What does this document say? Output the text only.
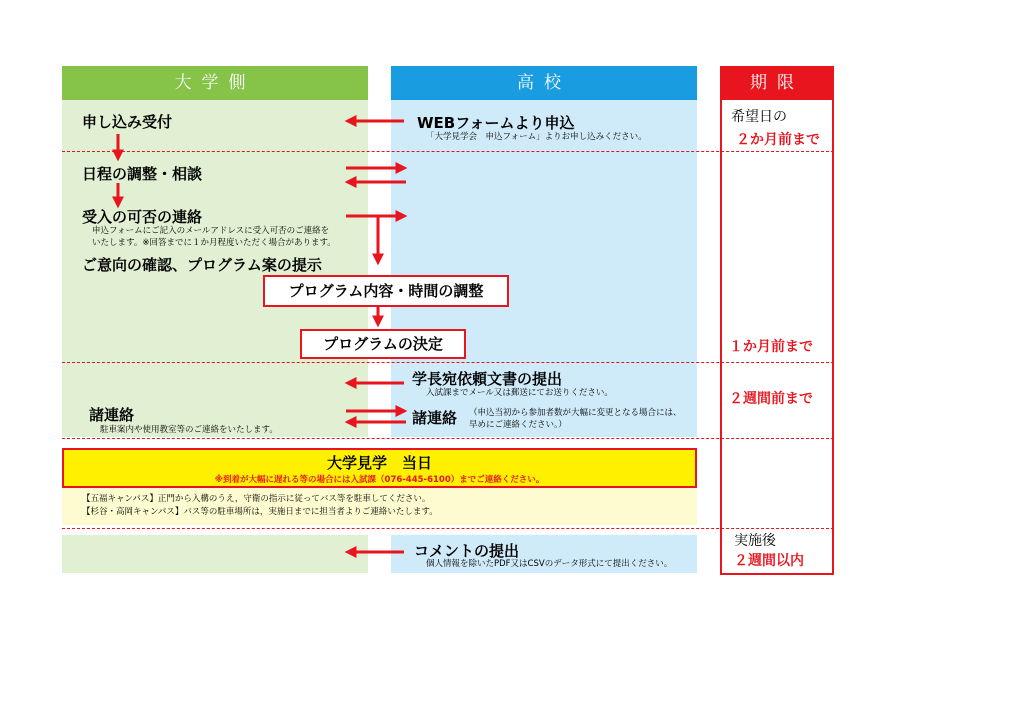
大学側	高校	期限
申し込み受付
日程の調整・相談
受入の可否の連絡
申込フォームにご記入のメールアドレスに受入可否のご連絡を
いたします。※回答までに１か月程度いただく場合があります。
ご意向の確認、プログラム案の提示
諸連絡
駐車案内や使用教室等のご連絡をいたします。
プログラム内容・時間の調整
プログラムの決定
WEBフォームより申込
「大学見学会　申込フォーム」よりお申し込みください。
学長宛依頼文書の提出
入試課までメール又は郵送にてお送りください。
諸連絡 （申込当初から参加者数が大幅に変更となる場合には、
早めにご連絡ください。）
大学見学　当日
※到着が大幅に遅れる等の場合には入試課（076-445-6100）までご連絡ください。
【五福キャンパス】正門から入構のうえ，守衛の指示に従ってバス等を駐車してください。
【杉谷・高岡キャンパス】バス等の駐車場所は，実施日までに担当者よりご連絡いたします。
コメントの提出
個人情報を除いたPDF又はCSVのデータ形式にて提出ください。
希望日の
２か月前まで
１か月前まで
２週間前まで
実施後
２週間以内
